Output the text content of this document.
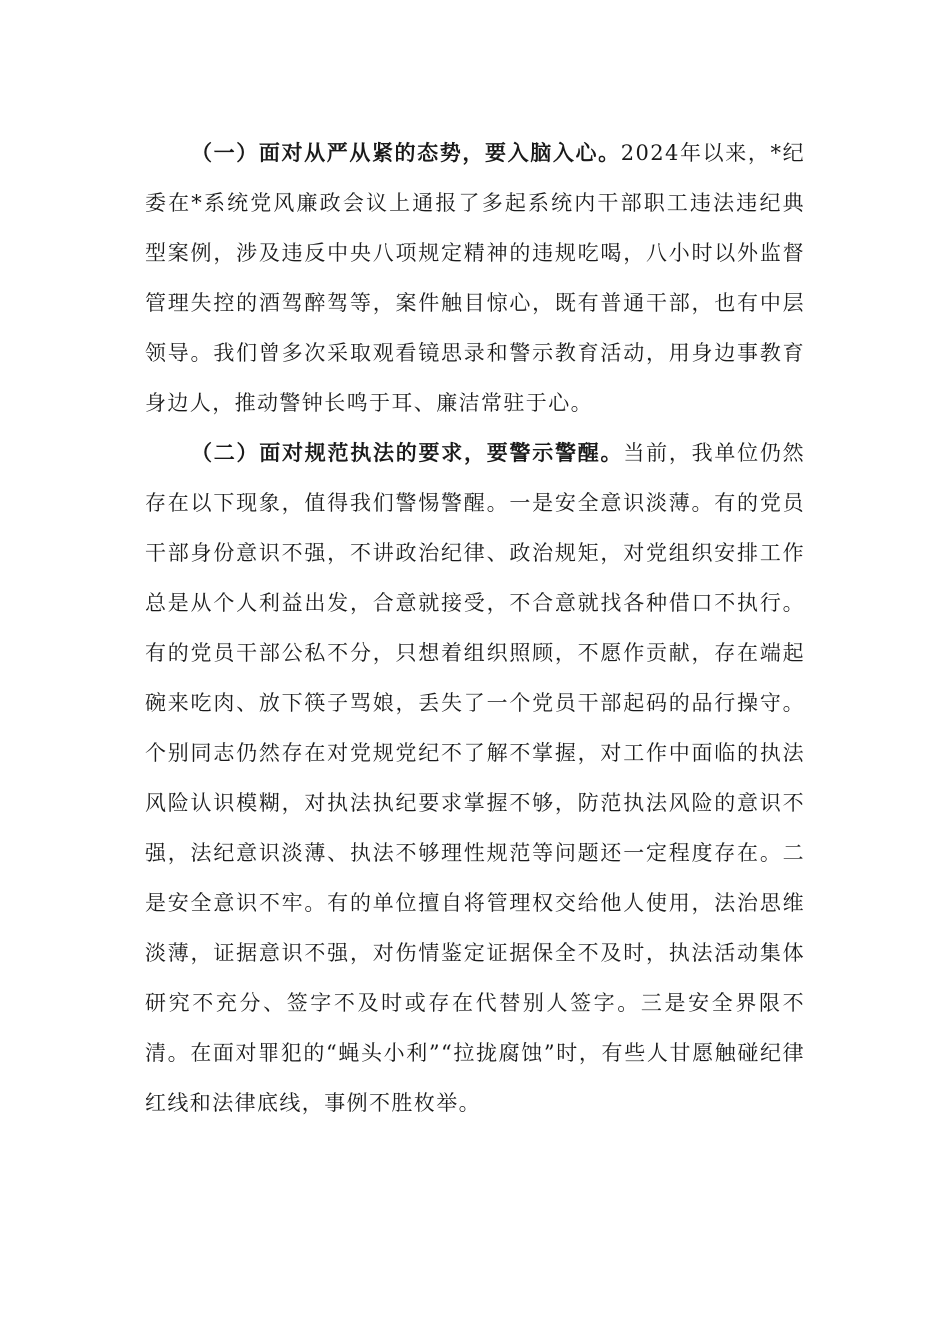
（一）面对从严从紧的态势，要入脑入心。2024年以来，*纪委在*系统党风廉政会议上通报了多起系统内干部职工违法违纪典型案例，涉及违反中央八项规定精神的违规吃喝，八小时以外监督管理失控的酒驾醉驾等，案件触目惊心，既有普通干部，也有中层领导。我们曾多次采取观看镜思录和警示教育活动，用身边事教育身边人，推动警钟长鸣于耳、廉洁常驻于心。

（二）面对规范执法的要求，要警示警醒。当前，我单位仍然存在以下现象，值得我们警惕警醒。一是安全意识淡薄。有的党员干部身份意识不强，不讲政治纪律、政治规矩，对党组织安排工作总是从个人利益出发，合意就接受，不合意就找各种借口不执行。有的党员干部公私不分，只想着组织照顾，不愿作贡献，存在端起碗来吃肉、放下筷子骂娘，丢失了一个党员干部起码的品行操守。个别同志仍然存在对党规党纪不了解不掌握，对工作中面临的执法风险认识模糊，对执法执纪要求掌握不够，防范执法风险的意识不强，法纪意识淡薄、执法不够理性规范等问题还一定程度存在。二是安全意识不牢。有的单位擅自将管理权交给他人使用，法治思维淡薄，证据意识不强，对伤情鉴定证据保全不及时，执法活动集体研究不充分、签字不及时或存在代替别人签字。三是安全界限不清。在面对罪犯的“蝇头小利”“拉拢腐蚀”时，有些人甘愿触碰纪律红线和法律底线，事例不胜枚举。
